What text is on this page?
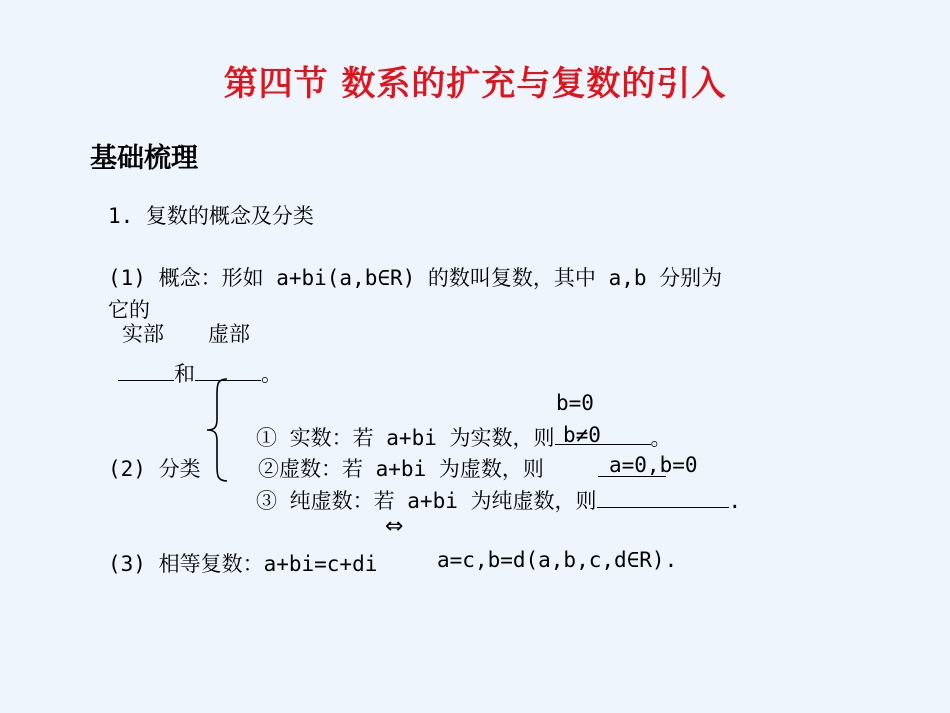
第四节 数系的扩充与复数的引入
基础梳理
1. 复数的概念及分类
(1) 概念：形如 a+bi(a,b∈R) 的数叫复数，其中 a,b 分别为
它的
实部 虚部
和	。
b=0
① 实数：若 a+bi 为实数，则	。
b≠0
(2) 分类	②虚数：若 a+bi 为虚数，则	a=0,b=0
③ 纯虚数：若 a+bi 为纯虚数，则	.
⇔
(3) 相等复数：a+bi=c+di	a=c,b=d(a,b,c,d∈R).
